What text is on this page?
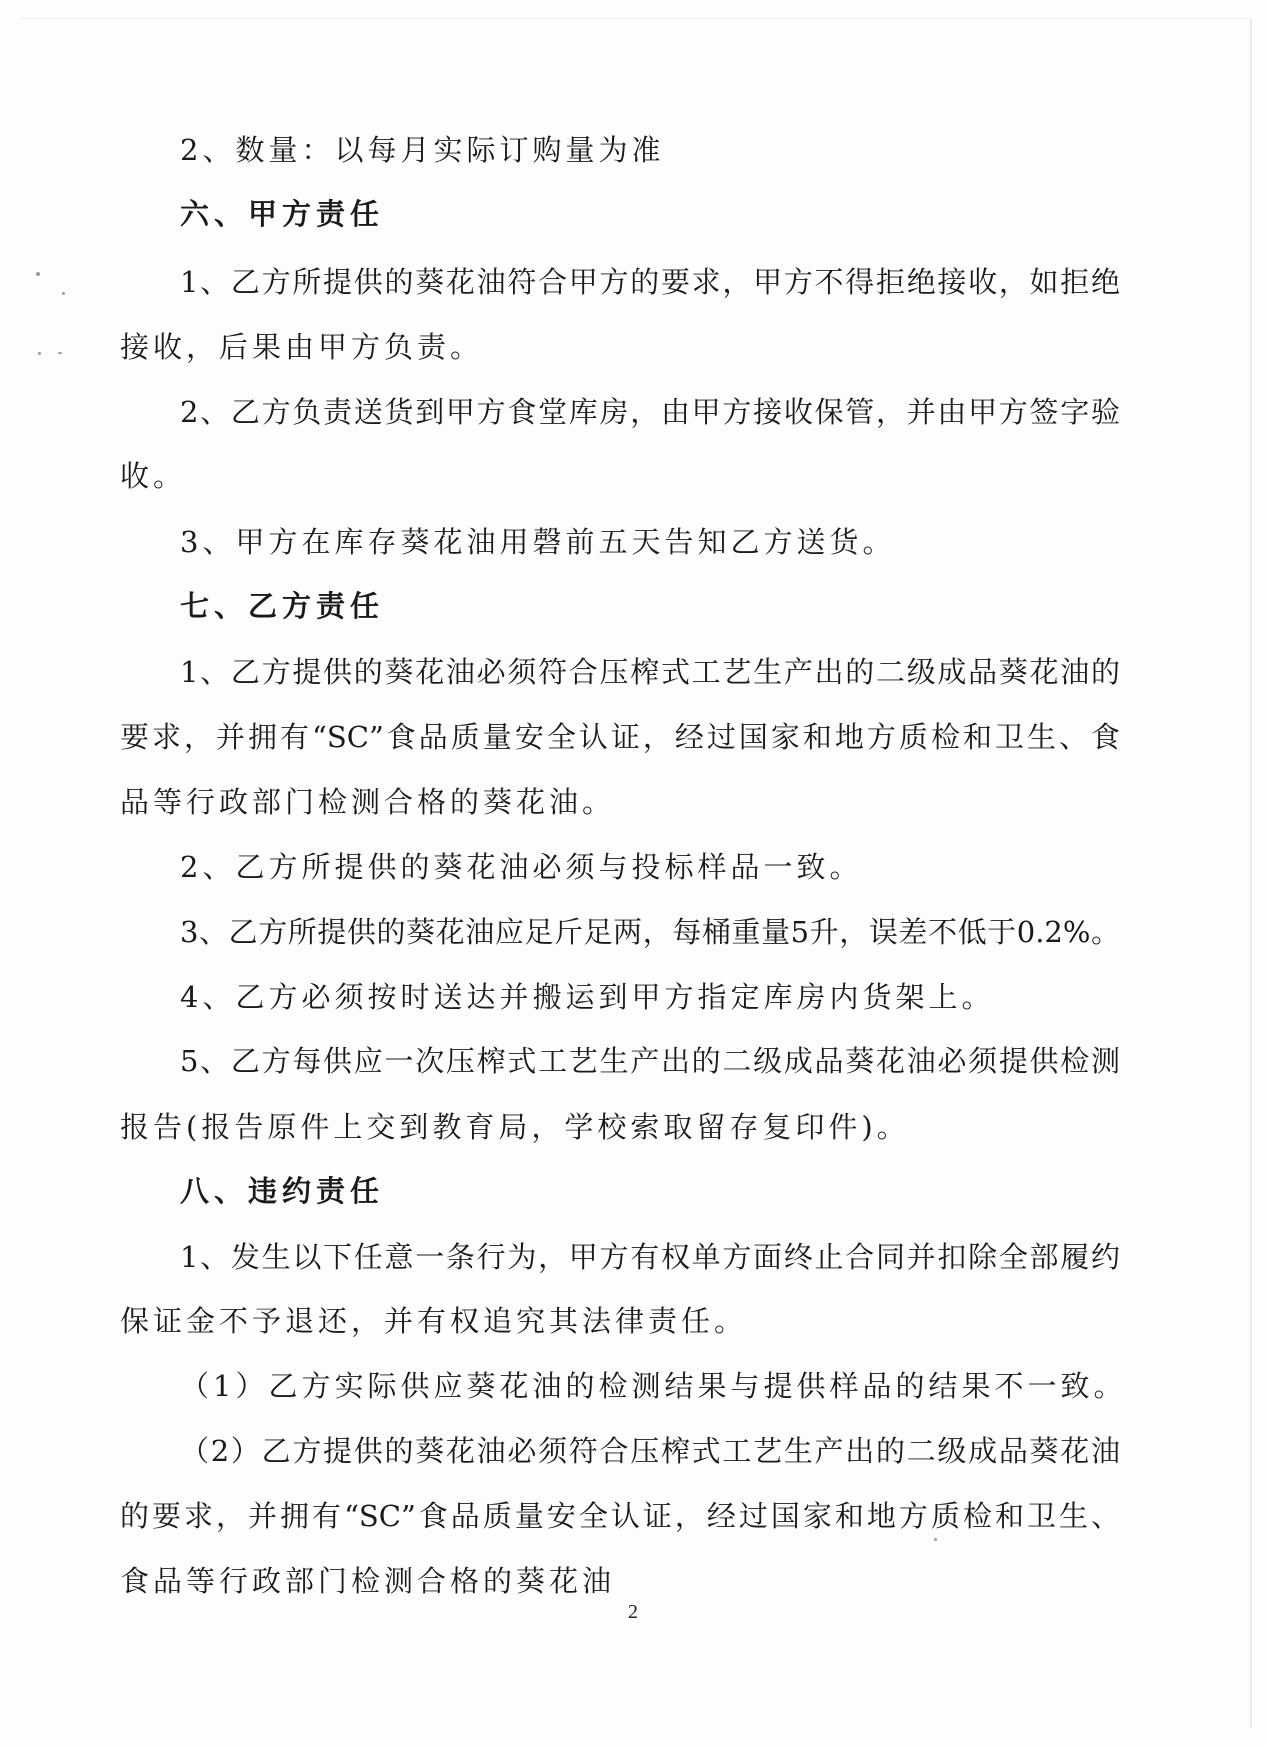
2、数量：以每月实际订购量为准
六、甲方责任
1、乙方所提供的葵花油符合甲方的要求，甲方不得拒绝接收，如拒绝
接收，后果由甲方负责。
2、乙方负责送货到甲方食堂库房，由甲方接收保管，并由甲方签字验
收。
3、甲方在库存葵花油用磬前五天告知乙方送货。
七、乙方责任
1、乙方提供的葵花油必须符合压榨式工艺生产出的二级成品葵花油的
要求，并拥有“SC”食品质量安全认证，经过国家和地方质检和卫生、食
品等行政部门检测合格的葵花油。
2、乙方所提供的葵花油必须与投标样品一致。
3、乙方所提供的葵花油应足斤足两，每桶重量5升，误差不低于0.2%。
4、乙方必须按时送达并搬运到甲方指定库房内货架上。
5、乙方每供应一次压榨式工艺生产出的二级成品葵花油必须提供检测
报告(报告原件上交到教育局，学校索取留存复印件)。
八、违约责任
1、发生以下任意一条行为，甲方有权单方面终止合同并扣除全部履约
保证金不予退还，并有权追究其法律责任。
（1）乙方实际供应葵花油的检测结果与提供样品的结果不一致。
（2）乙方提供的葵花油必须符合压榨式工艺生产出的二级成品葵花油
的要求，并拥有“SC”食品质量安全认证，经过国家和地方质检和卫生、
食品等行政部门检测合格的葵花油
2
